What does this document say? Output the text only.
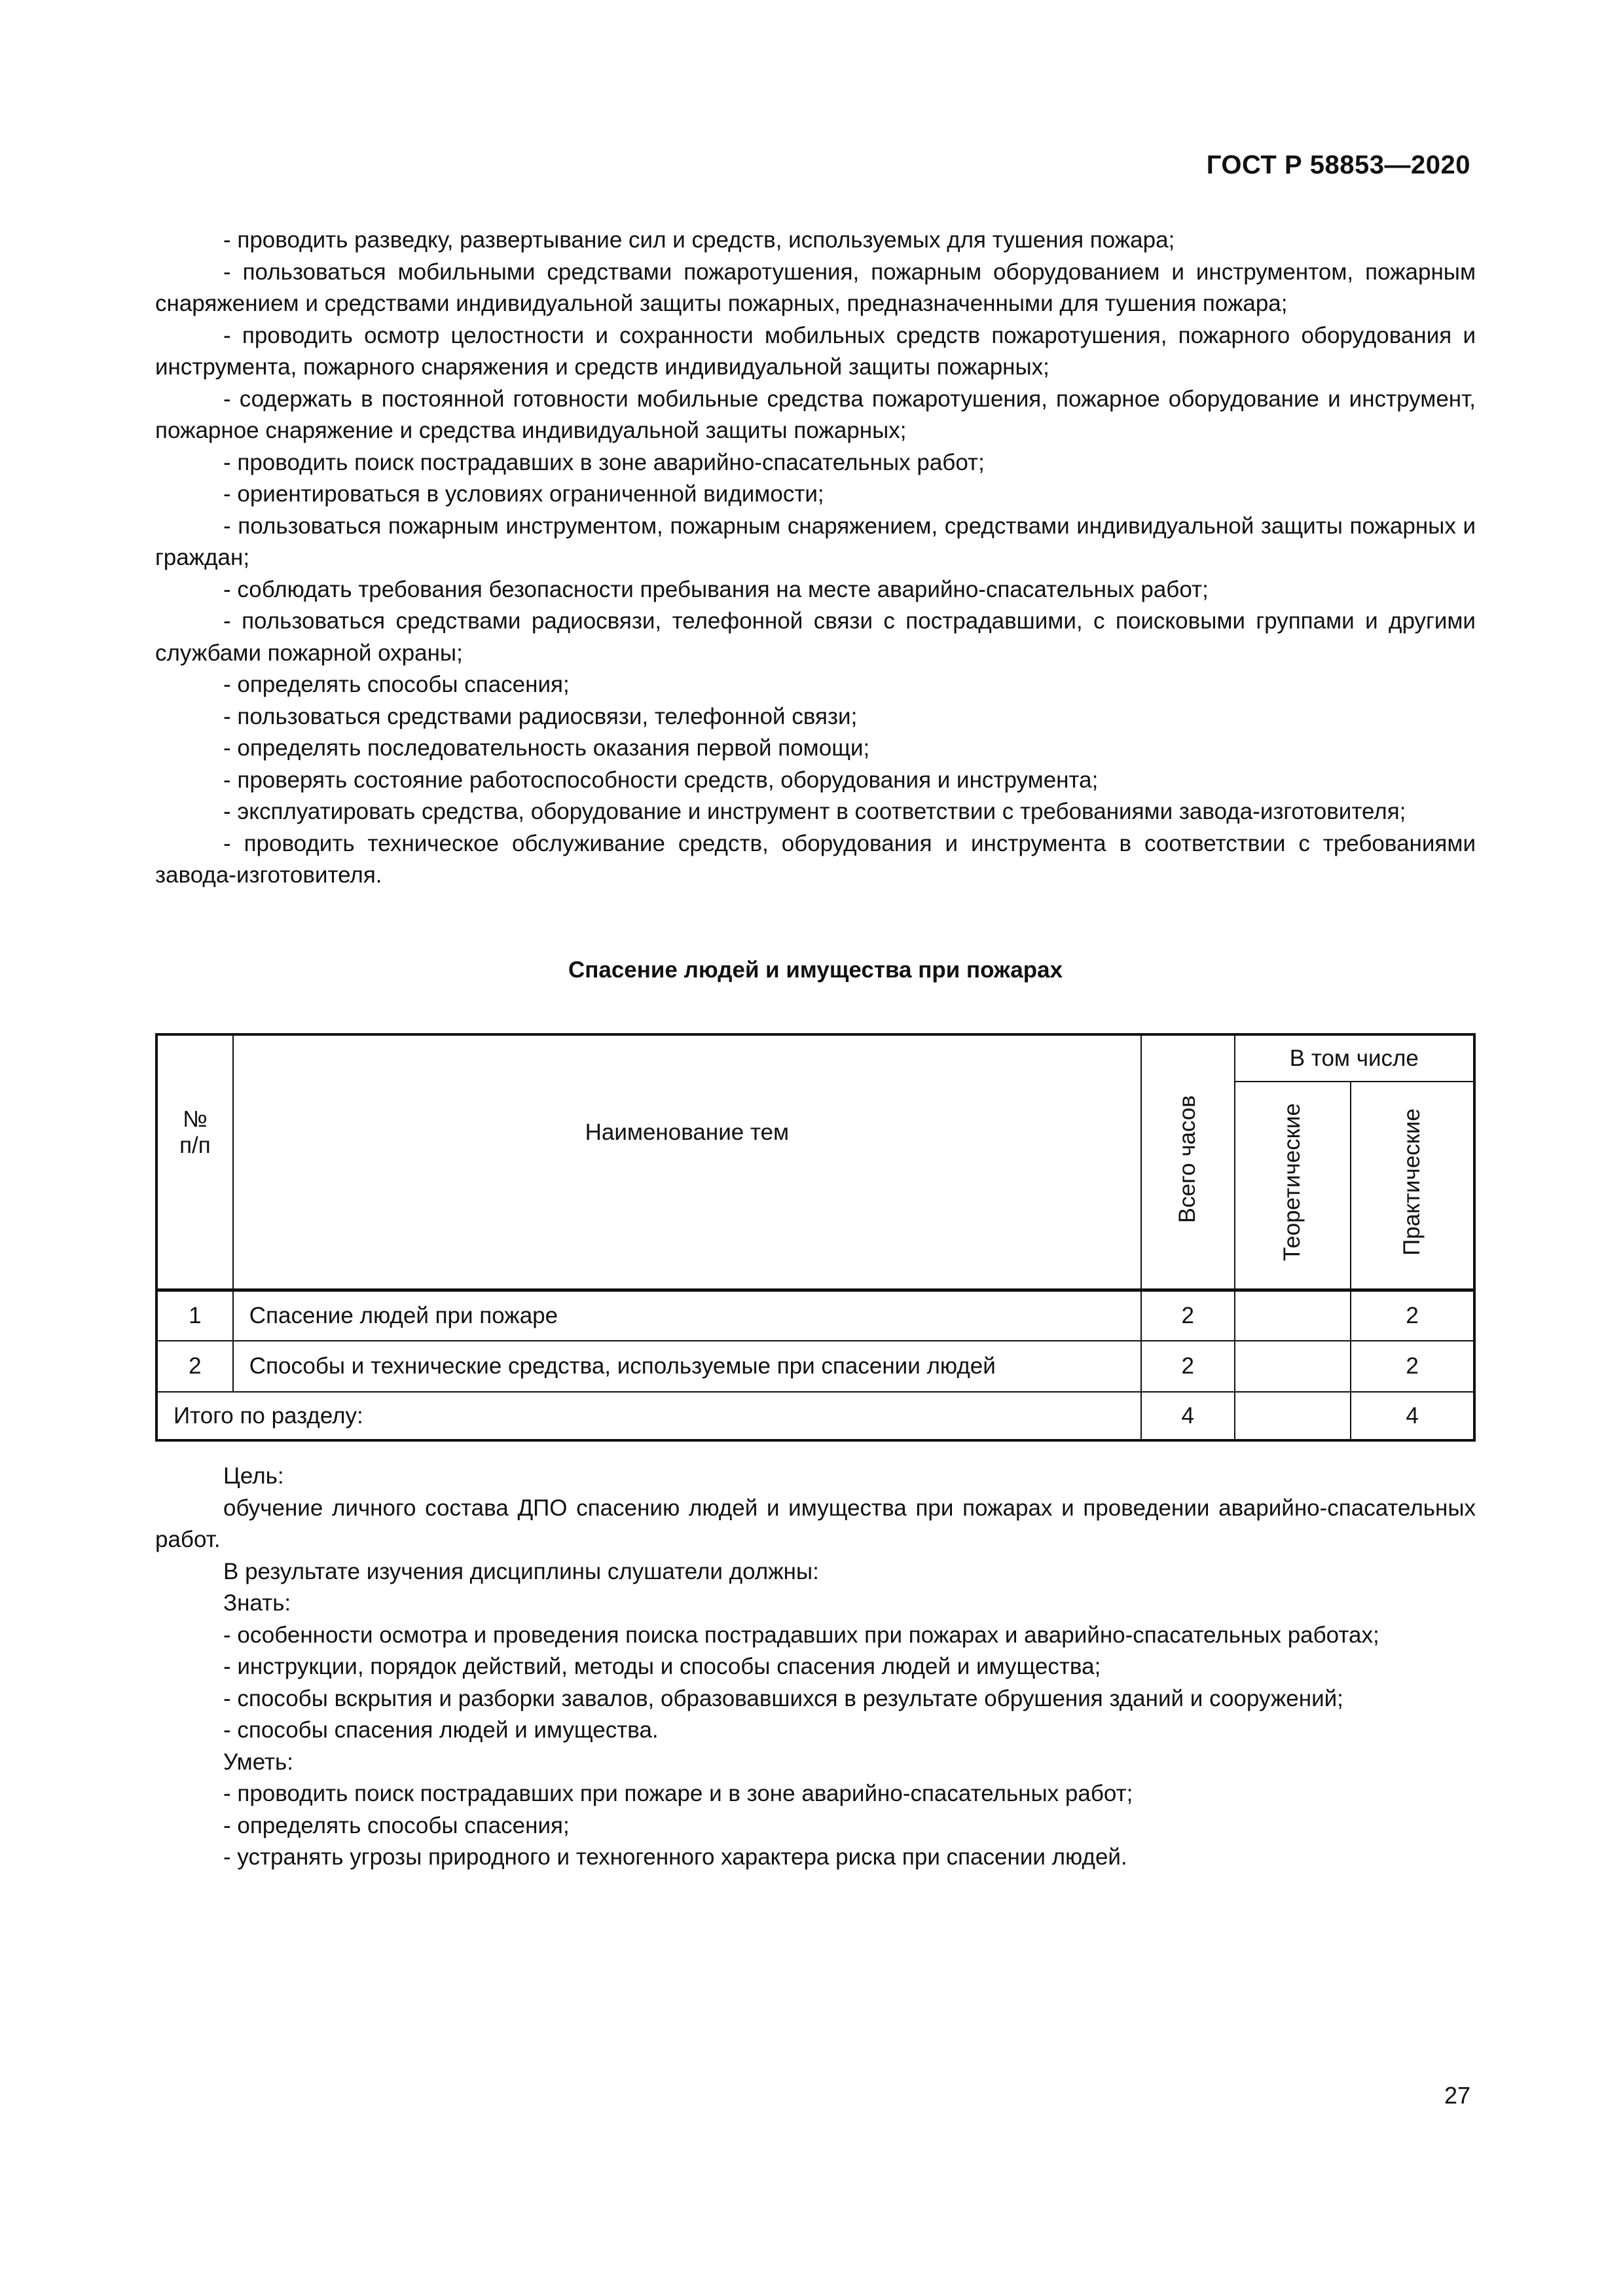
ГОСТ Р 58853—2020

- проводить разведку, развертывание сил и средств, используемых для тушения пожара;

- пользоваться мобильными средствами пожаротушения, пожарным оборудованием и инструментом, пожарным снаряжением и средствами индивидуальной защиты пожарных, предназначенными для тушения пожара;

- проводить осмотр целостности и сохранности мобильных средств пожаротушения, пожарного оборудования и инструмента, пожарного снаряжения и средств индивидуальной защиты пожарных;

- содержать в постоянной готовности мобильные средства пожаротушения, пожарное оборудование и инструмент, пожарное снаряжение и средства индивидуальной защиты пожарных;

- проводить поиск пострадавших в зоне аварийно-спасательных работ;

- ориентироваться в условиях ограниченной видимости;

- пользоваться пожарным инструментом, пожарным снаряжением, средствами индивидуальной защиты пожарных и граждан;

- соблюдать требования безопасности пребывания на месте аварийно-спасательных работ;

- пользоваться средствами радиосвязи, телефонной связи с пострадавшими, с поисковыми группами и другими службами пожарной охраны;

- определять способы спасения;

- пользоваться средствами радиосвязи, телефонной связи;

- определять последовательность оказания первой помощи;

- проверять состояние работоспособности средств, оборудования и инструмента;

- эксплуатировать средства, оборудование и инструмент в соответствии с требованиями завода-изготовителя;

- проводить техническое обслуживание средств, оборудования и инструмента в соответствии с требованиями завода-изготовителя.

Спасение людей и имущества при пожарах
№
п/п	Наименование тем	Всего часов	В том числе	
			Теоретические	Практические
1	Спасение людей при пожаре	2		2
2	Способы и технические средства, используемые при спасении людей	2		2
Итого по разделу:		4		4

Цель:

обучение личного состава ДПО спасению людей и имущества при пожарах и проведении аварийно-спасательных работ.

В результате изучения дисциплины слушатели должны:

Знать:

- особенности осмотра и проведения поиска пострадавших при пожарах и аварийно-спасательных работах;

- инструкции, порядок действий, методы и способы спасения людей и имущества;

- способы вскрытия и разборки завалов, образовавшихся в результате обрушения зданий и сооружений;

- способы спасения людей и имущества.

Уметь:

- проводить поиск пострадавших при пожаре и в зоне аварийно-спасательных работ;

- определять способы спасения;

- устранять угрозы природного и техногенного характера риска при спасении людей.

27
